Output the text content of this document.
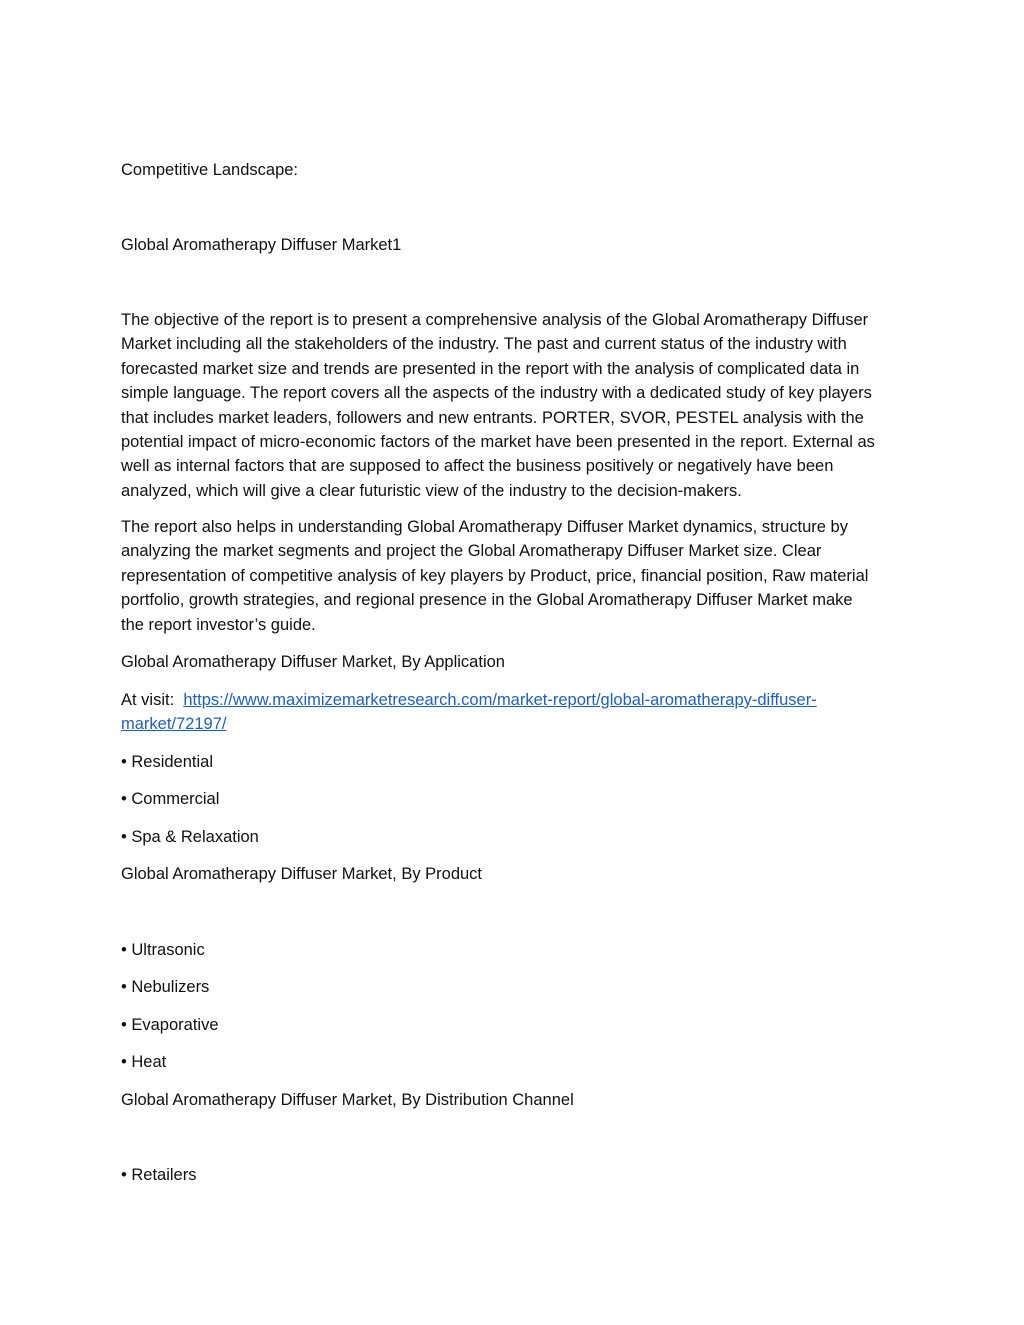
Competitive Landscape:

Global Aromatherapy Diffuser Market1

The objective of the report is to present a comprehensive analysis of the Global Aromatherapy Diffuser
Market including all the stakeholders of the industry. The past and current status of the industry with
forecasted market size and trends are presented in the report with the analysis of complicated data in
simple language. The report covers all the aspects of the industry with a dedicated study of key players
that includes market leaders, followers and new entrants. PORTER, SVOR, PESTEL analysis with the
potential impact of micro-economic factors of the market have been presented in the report. External as
well as internal factors that are supposed to affect the business positively or negatively have been
analyzed, which will give a clear futuristic view of the industry to the decision-makers.
The report also helps in understanding Global Aromatherapy Diffuser Market dynamics, structure by
analyzing the market segments and project the Global Aromatherapy Diffuser Market size. Clear
representation of competitive analysis of key players by Product, price, financial position, Raw material
portfolio, growth strategies, and regional presence in the Global Aromatherapy Diffuser Market make
the report investor’s guide.

Global Aromatherapy Diffuser Market, By Application

At visit: https://www.maximizemarketresearch.com/market-report/global-aromatherapy-diffuser-
market/72197/

• Residential

• Commercial

• Spa & Relaxation

Global Aromatherapy Diffuser Market, By Product

• Ultrasonic

• Nebulizers

• Evaporative

• Heat

Global Aromatherapy Diffuser Market, By Distribution Channel

• Retailers
